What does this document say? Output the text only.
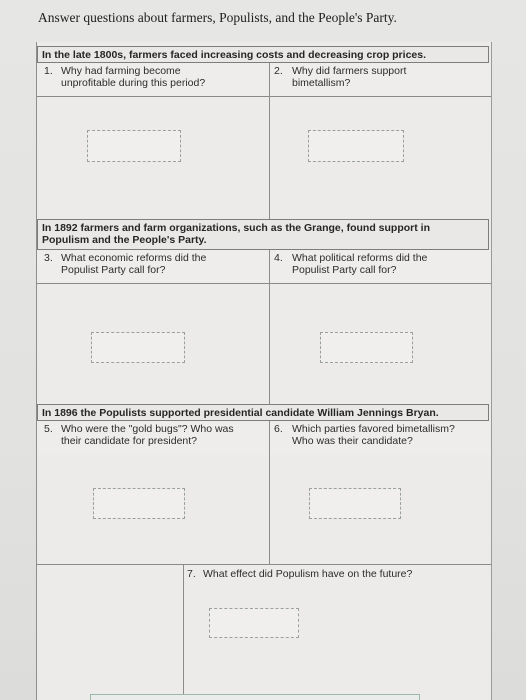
Answer questions about farmers, Populists, and the People's Party.
In the late 1800s, farmers faced increasing costs and decreasing crop prices.
1. Why had farming become
unprofitable during this period?
2. Why did farmers support
bimetallism?
In 1892 farmers and farm organizations, such as the Grange, found support in
Populism and the People's Party.
3. What economic reforms did the
Populist Party call for?
4. What political reforms did the
Populist Party call for?
In 1896 the Populists supported presidential candidate William Jennings Bryan.
5. Who were the "gold bugs"? Who was
their candidate for president?
6. Which parties favored bimetallism?
Who was their candidate?
7. What effect did Populism have on the future?
